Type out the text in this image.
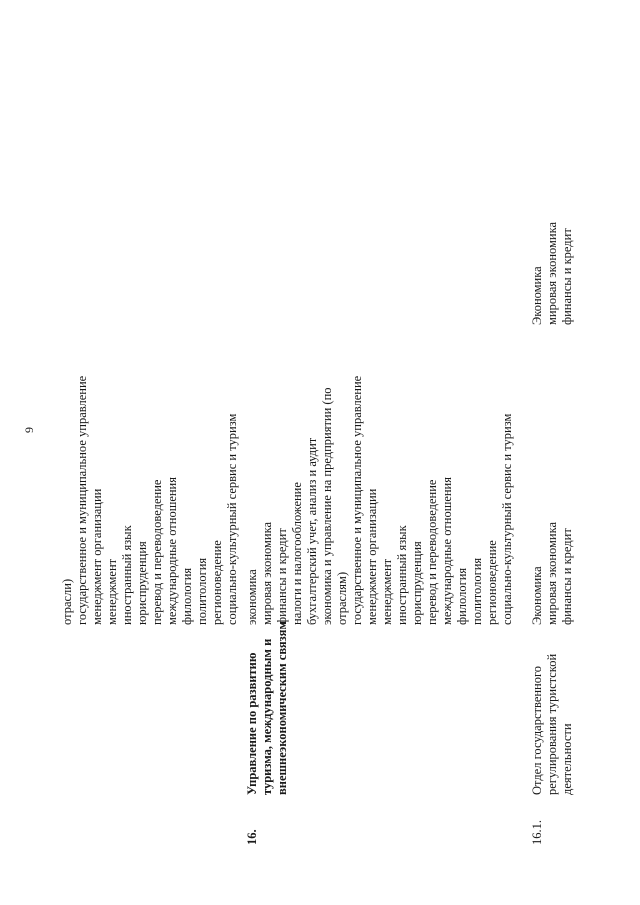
9
отрасли) государственное и муниципальное управление менеджмент организации менеджмент иностранный язык юриспруденция перевод и переводоведение международные отношения филология политология регионоведение социально-культурный сервис и туризм
16.
Управление по развитию туризма, международным и внешнеэкономическим связям
экономика мировая экономика финансы и кредит налоги и налогообложение бухгалтерский учет, анализ и аудит экономика и управление на предприятии (по отраслям) государственное и муниципальное управление менеджмент организации менеджмент иностранный язык юриспруденция перевод и переводоведение международные отношения филология политология регионоведение социально-культурный сервис и туризм
16.1.
Отдел государственного регулирования туристской деятельности
Экономика мировая экономика финансы и кредит
Экономика мировая экономика финансы и кредит
